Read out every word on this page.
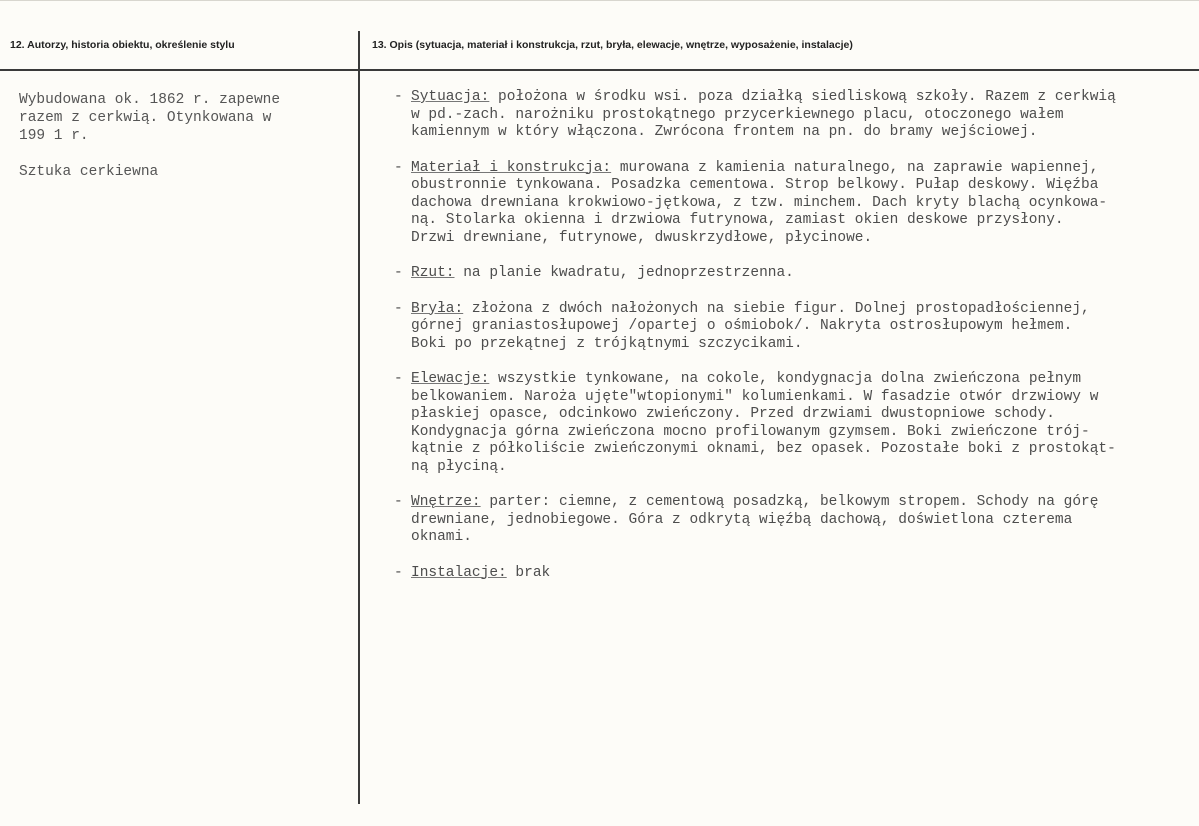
12. Autorzy, historia obiektu, określenie stylu	13. Opis (sytuacja, materiał i konstrukcja, rzut, bryła, elewacje, wnętrze, wyposażenie, instalacje)

Wybudowana ok. 1862 r. zapewne
razem z cerkwią. Otynkowana w
199 1 r.

Sztuka cerkiewna

- Sytuacja: położona w środku wsi. poza działką siedliskową szkoły. Razem z cerkwią
w pd.-zach. narożniku prostokątnego przycerkiewnego placu, otoczonego wałem
kamiennym w który włączona. Zwrócona frontem na pn. do bramy wejściowej.
- Materiał i konstrukcja: murowana z kamienia naturalnego, na zaprawie wapiennej,
obustronnie tynkowana. Posadzka cementowa. Strop belkowy. Pułap deskowy. Więźba
dachowa drewniana krokwiowo-jętkowa, z tzw. minchem. Dach kryty blachą ocynkowa-
ną. Stolarka okienna i drzwiowa futrynowa, zamiast okien deskowe przysłony.
Drzwi drewniane, futrynowe, dwuskrzydłowe, płycinowe.
- Rzut: na planie kwadratu, jednoprzestrzenna.
- Bryła: złożona z dwóch nałożonych na siebie figur. Dolnej prostopadłościennej,
górnej graniastosłupowej /opartej o ośmiobok/. Nakryta ostrosłupowym hełmem.
Boki po przekątnej z trójkątnymi szczycikami.
- Elewacje: wszystkie tynkowane, na cokole, kondygnacja dolna zwieńczona pełnym
belkowaniem. Naroża ujęte"wtopionymi" kolumienkami. W fasadzie otwór drzwiowy w
płaskiej opasce, odcinkowo zwieńczony. Przed drzwiami dwustopniowe schody.
Kondygnacja górna zwieńczona mocno profilowanym gzymsem. Boki zwieńczone trój-
kątnie z półkoliście zwieńczonymi oknami, bez opasek. Pozostałe boki z prostokąt-
ną płyciną.
- Wnętrze: parter: ciemne, z cementową posadzką, belkowym stropem. Schody na górę
drewniane, jednobiegowe. Góra z odkrytą więźbą dachową, doświetlona czterema
oknami.
- Instalacje: brak
